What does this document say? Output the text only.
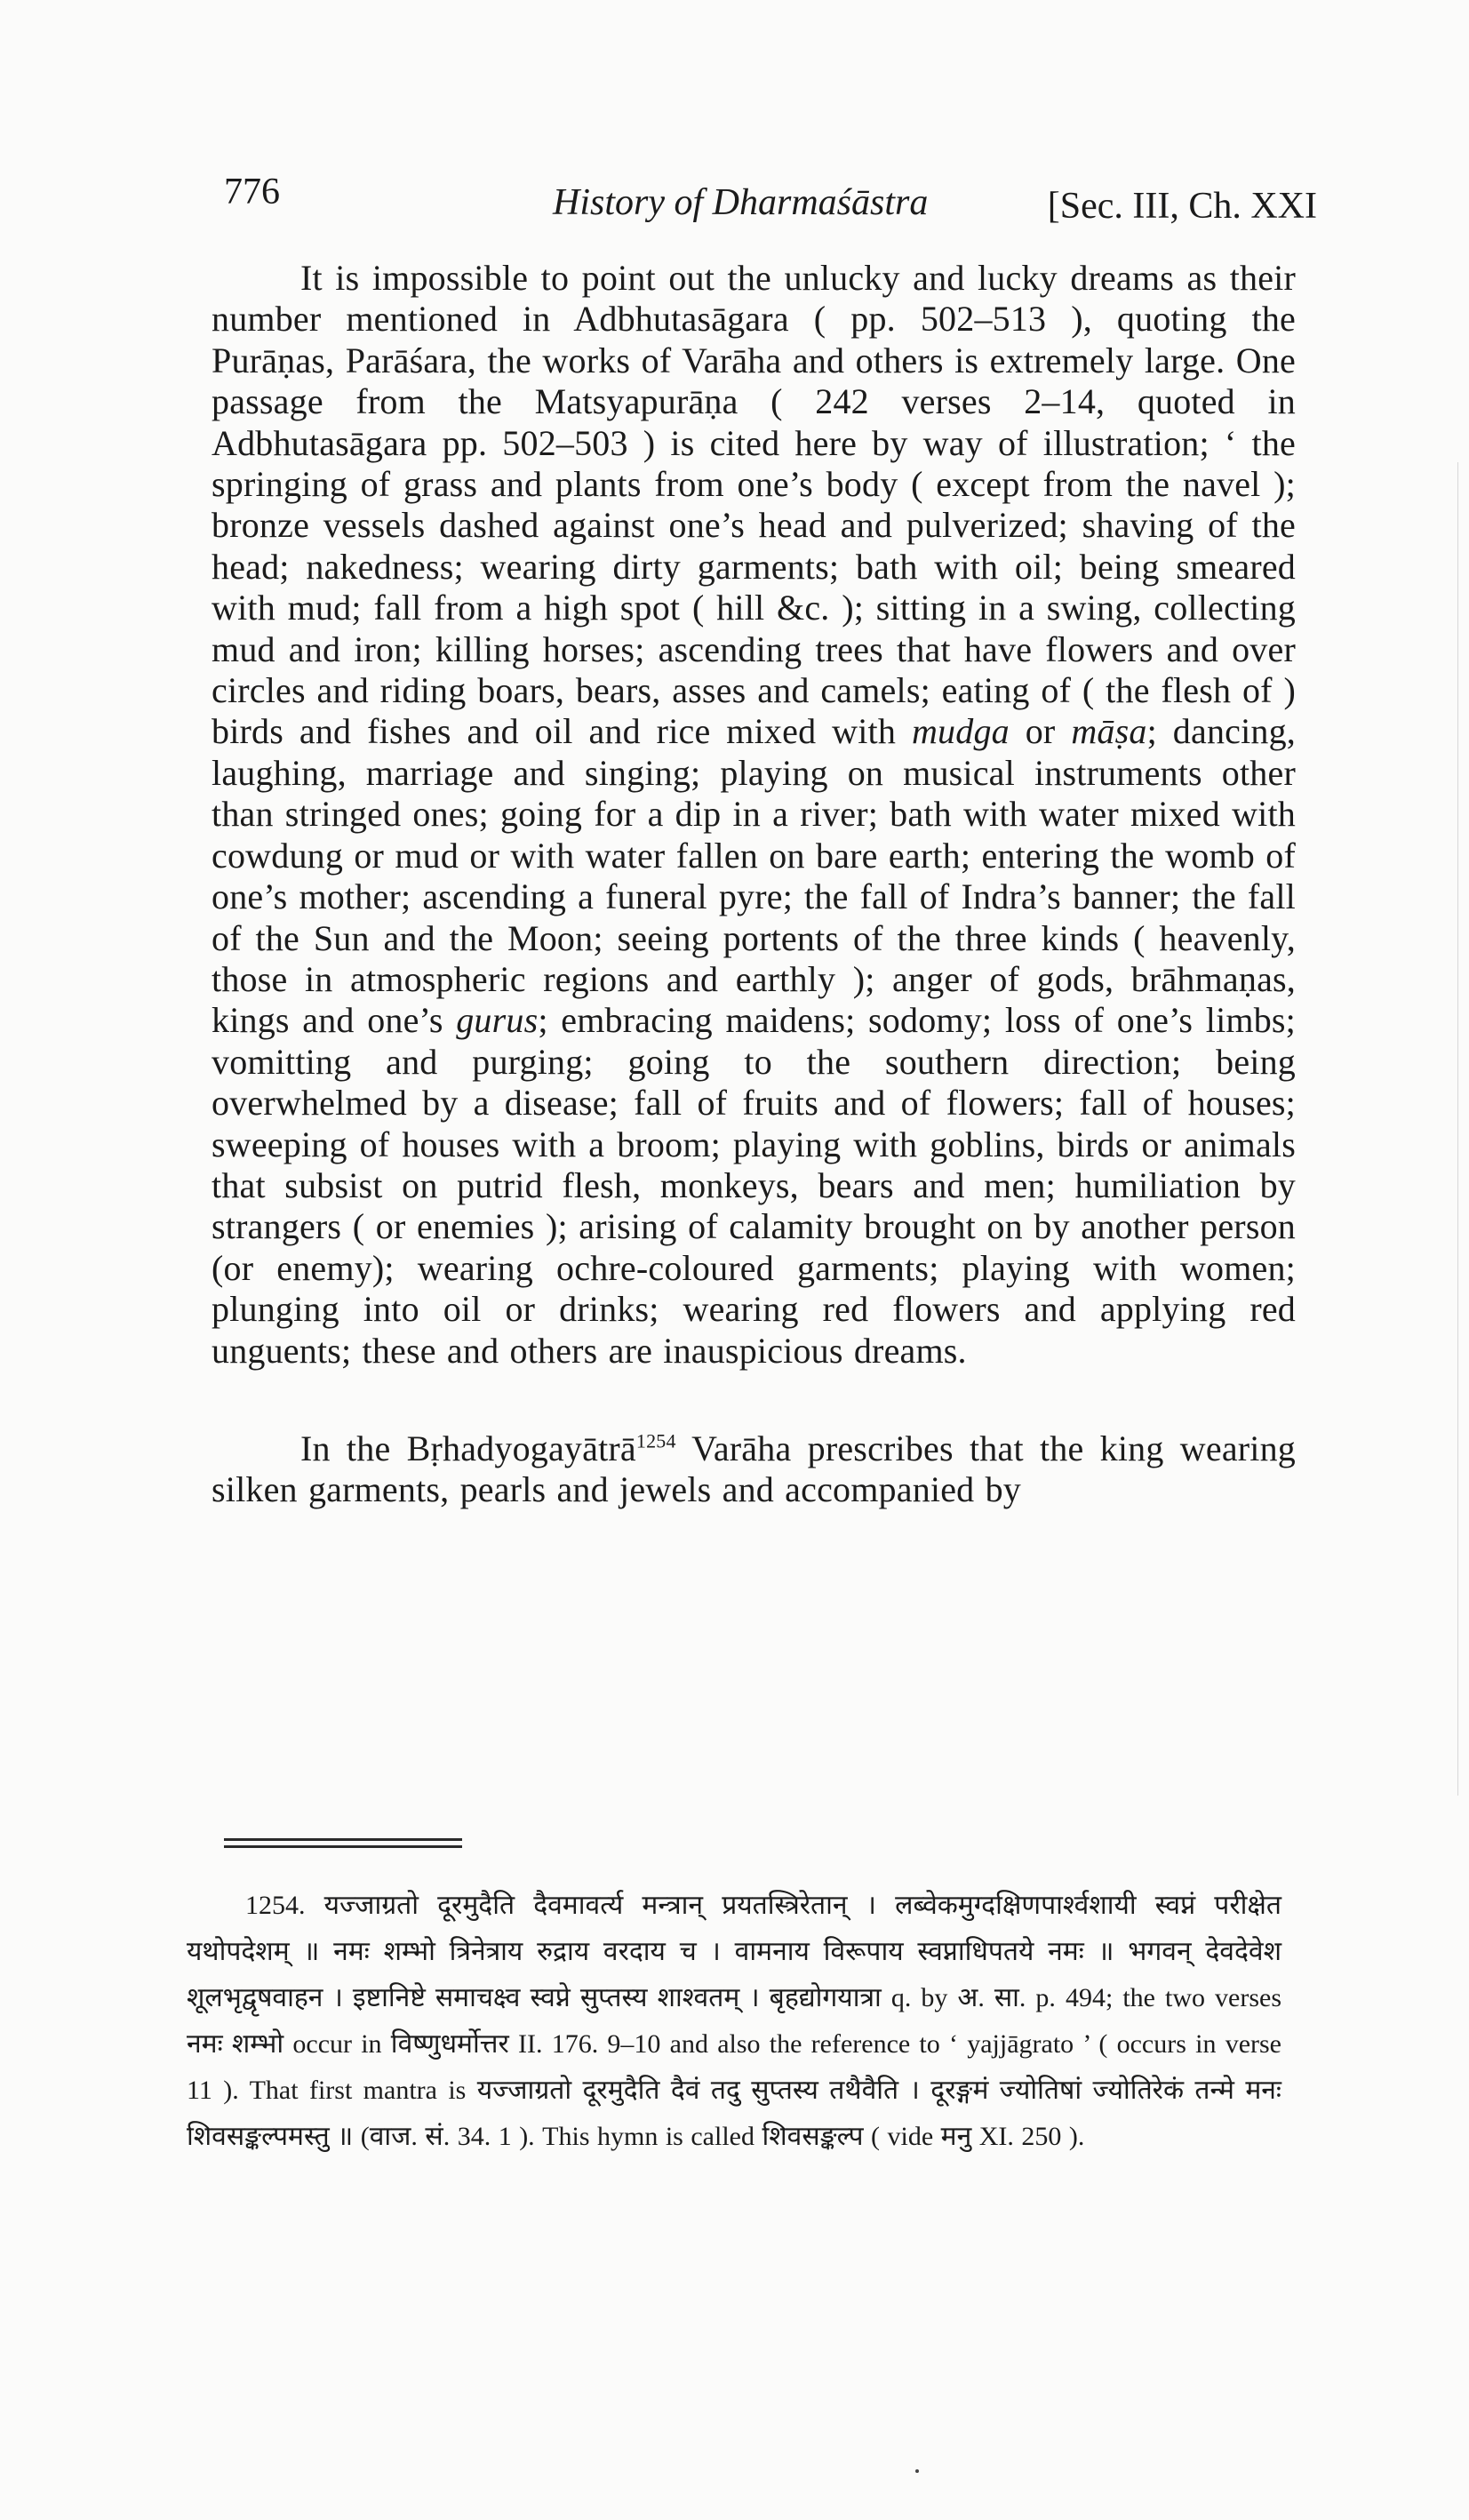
776	History of Dharmaśāstra	[Sec. III, Ch. XXI

It is impossible to point out the unlucky and lucky dreams as their number mentioned in Adbhutasāgara ( pp. 502–513 ), quoting the Purāṇas, Parāśara, the works of Varāha and others is extremely large. One passage from the Matsyapurāṇa ( 242 verses 2–14, quoted in Adbhutasāgara pp. 502–503 ) is cited here by way of illustration; ‘ the springing of grass and plants from one’s body ( except from the navel ); bronze vessels dashed against one’s head and pulverized; shaving of the head; nakedness; wearing dirty garments; bath with oil; being smeared with mud; fall from a high spot ( hill &c. ); sitting in a swing, collecting mud and iron; killing horses; ascending trees that have flowers and over circles and riding boars, bears, asses and camels; eating of ( the flesh of ) birds and fishes and oil and rice mixed with mudga or māṣa; dancing, laughing, marriage and singing; playing on musical instruments other than stringed ones; going for a dip in a river; bath with water mixed with cowdung or mud or with water fallen on bare earth; entering the womb of one’s mother; ascending a funeral pyre; the fall of Indra’s banner; the fall of the Sun and the Moon; seeing portents of the three kinds ( heavenly, those in atmospheric regions and earthly ); anger of gods, brāhmaṇas, kings and one’s gurus; embracing maidens; sodomy; loss of one’s limbs; vomitting and purging; going to the southern direction; being overwhelmed by a disease; fall of fruits and of flowers; fall of houses; sweeping of houses with a broom; playing with goblins, birds or animals that subsist on putrid flesh, monkeys, bears and men; humiliation by strangers ( or enemies ); arising of calamity brought on by another person (or enemy); wearing ochre-coloured garments; playing with women; plunging into oil or drinks; wearing red flowers and applying red unguents; these and others are inauspicious dreams.

In the Bṛhadyogayātrā$^{1254}$ Varāha prescribes that the king wearing silken garments, pearls and jewels and accompanied by

1254. यज्जाग्रतो दूरमुदैति दैवमावर्त्य मन्त्रान् प्रयतस्त्रिरेतान् । लब्वेकमुग्दक्षिणपार्श्वशायी स्वप्नं परीक्षेत यथोपदेशम् ॥ नमः शम्भो त्रिनेत्राय रुद्राय वरदाय च । वामनाय विरूपाय स्वप्नाधिपतये नमः ॥ भगवन् देवदेवेश शूलभृद्वृषवाहन । इष्टानिष्टे समाचक्ष्व स्वप्ने सुप्तस्य शाश्वतम् । बृहद्योगयात्रा q. by अ. सा. p. 494; the two verses नमः शम्भो occur in विष्णुधर्मोत्तर II. 176. 9–10 and also the reference to ‘ yajjāgrato ’ ( occurs in verse 11 ). That first mantra is यज्जाग्रतो दूरमुदैति दैवं तदु सुप्तस्य तथैवैति । दूरङ्गमं ज्योतिषां ज्योतिरेकं तन्मे मनः शिवसङ्कल्पमस्तु ॥ (वाज. सं. 34. 1 ). This hymn is called शिवसङ्कल्प ( vide मनु XI. 250 ).
